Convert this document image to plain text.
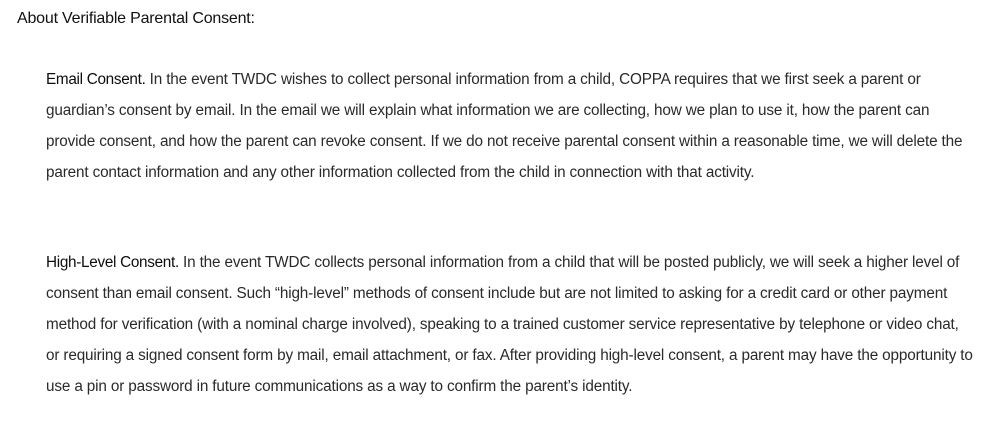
About Verifiable Parental Consent:

Email Consent. In the event TWDC wishes to collect personal information from a child, COPPA requires that we first seek a parent or guardian’s consent by email. In the email we will explain what information we are collecting, how we plan to use it, how the parent can provide consent, and how the parent can revoke consent. If we do not receive parental consent within a reasonable time, we will delete the parent contact information and any other information collected from the child in connection with that activity.

High-Level Consent. In the event TWDC collects personal information from a child that will be posted publicly, we will seek a higher level of consent than email consent. Such “high-level” methods of consent include but are not limited to asking for a credit card or other payment method for verification (with a nominal charge involved), speaking to a trained customer service representative by telephone or video chat, or requiring a signed consent form by mail, email attachment, or fax. After providing high-level consent, a parent may have the opportunity to use a pin or password in future communications as a way to confirm the parent’s identity.
